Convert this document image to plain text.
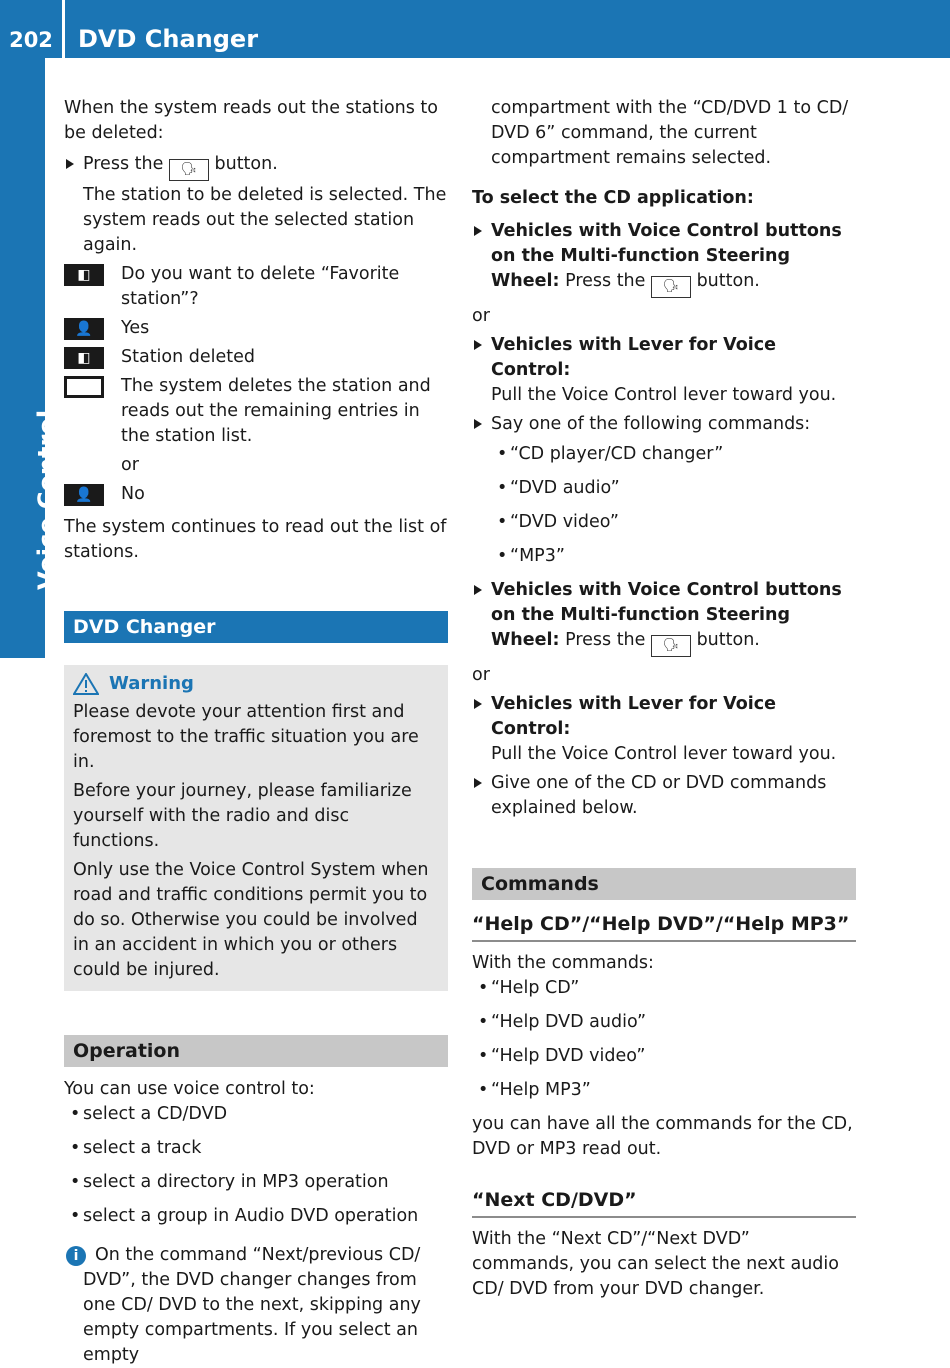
202	DVD Changer
Voice Control

When the system reads out the stations to be deleted:

Press the 🗣 button.
The station to be deleted is selected. The system reads out the selected station again.
◧	Do you want to delete “Favorite station”?
👤	Yes
◧	Station deleted
The system deletes the station and reads out the remaining entries in the station list.
or
👤	No

The system continues to read out the list of stations.

DVD Changer
Warning

Please devote your attention first and foremost to the traffic situation you are in.

Before your journey, please familiarize yourself with the radio and disc functions.

Only use the Voice Control System when road and traffic conditions permit you to do so. Otherwise you could be involved in an accident in which you or others could be injured.

Operation

You can use voice control to:

• select a CD/DVD
• select a track
• select a directory in MP3 operation
• select a group in Audio DVD operation
i On the command “Next/previous CD/ DVD”, the DVD changer changes from one CD/ DVD to the next, skipping any empty compartments. If you select an empty

compartment with the “CD/DVD 1 to CD/ DVD 6” command, the current compartment remains selected.

To select the CD application:

Vehicles with Voice Control buttons on the Multi-function Steering Wheel: Press the 🗣 button.

or

Vehicles with Lever for Voice Control:
Pull the Voice Control lever toward you.
Say one of the following commands:
• “CD player/CD changer”
• “DVD audio”
• “DVD video”
• “MP3”
Vehicles with Voice Control buttons on the Multi-function Steering Wheel: Press the 🗣 button.

or

Vehicles with Lever for Voice Control:
Pull the Voice Control lever toward you.
Give one of the CD or DVD commands explained below.
Commands
“Help CD”/“Help DVD”/“Help MP3”

With the commands:

• “Help CD”
• “Help DVD audio”
• “Help DVD video”
• “Help MP3”

you can have all the commands for the CD, DVD or MP3 read out.

“Next CD/DVD”

With the “Next CD”/“Next DVD” commands, you can select the next audio CD/ DVD from your DVD changer.
